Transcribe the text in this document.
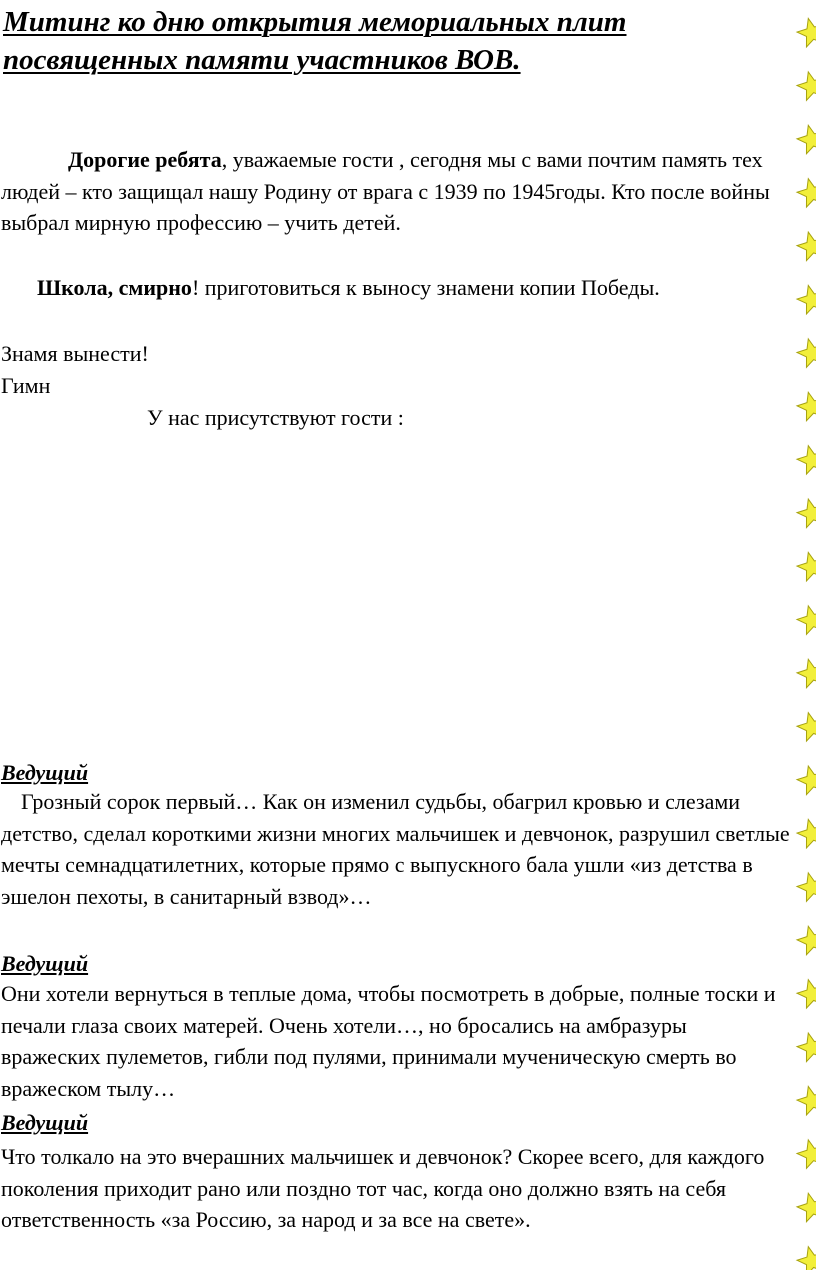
Митинг ко дню открытия мемориальных плит посвященных памяти участников ВОВ.

Дорогие ребята, уважаемые гости , сегодня мы с вами почтим память тех людей – кто защищал нашу Родину от врага с 1939 по 1945годы. Кто после войны выбрал мирную профессию – учить детей.

Школа, смирно! приготовиться к выносу знамени копии Победы.

Знамя вынести!

Гимн

У нас присутствуют гости :

Ведущий

Грозный сорок первый… Как он изменил судьбы, обагрил кровью и слезами детство, сделал короткими жизни многих мальчишек и девчонок, разрушил светлые мечты семнадцатилетних, которые прямо с выпускного бала ушли «из детства в эшелон пехоты, в санитарный взвод»…

Ведущий

Они хотели вернуться в теплые дома, чтобы посмотреть в добрые, полные тоски и печали глаза своих матерей. Очень хотели…, но бросались на амбразуры вражеских пулеметов, гибли под пулями, принимали мученическую смерть во вражеском тылу…

Ведущий

Что толкало на это вчерашних мальчишек и девчонок? Скорее всего, для каждого поколения приходит рано или поздно тот час, когда оно должно взять на себя ответственность «за Россию, за народ и за все на свете».
